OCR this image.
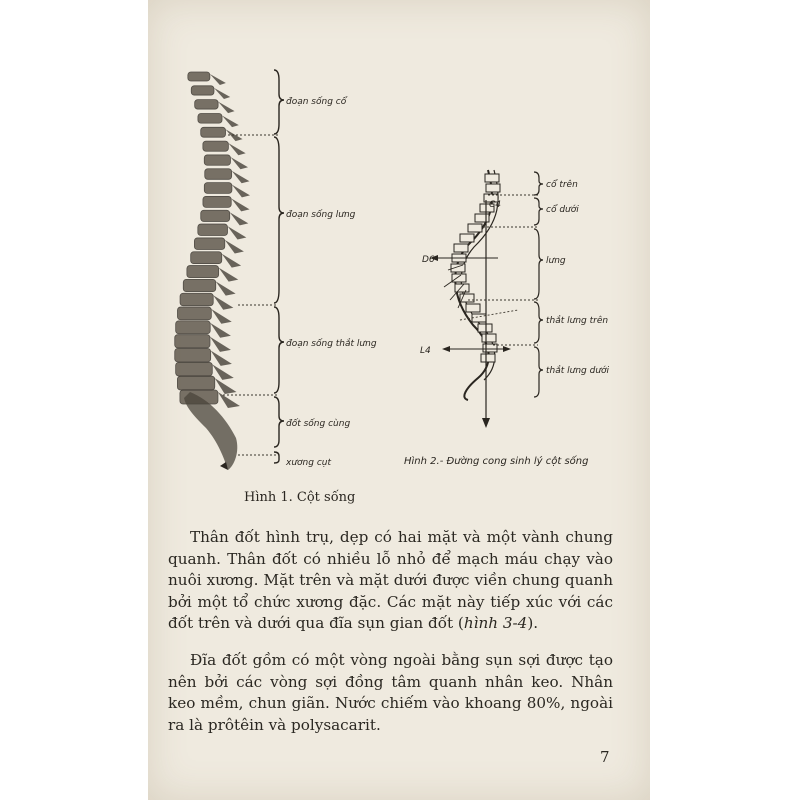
đoạn sống cổ
đoạn sống lưng
đoạn sống thắt lưng
đốt sống cùng
xương cụt
C4
D6
L4
cổ trên
cổ dưới
lưng
thắt lưng trên
thắt lưng dưới
Hình 2.- Đường cong sinh lý cột sống
Hình 1. Cột sống

Thân đốt hình trụ, dẹp có hai mặt và một vành chung quanh. Thân đốt có nhiều lỗ nhỏ để mạch máu chạy vào nuôi xương. Mặt trên và mặt dưới được viền chung quanh bởi một tổ chức xương đặc. Các mặt này tiếp xúc với các đốt trên và dưới qua đĩa sụn gian đốt (hình 3-4).

Đĩa đốt gồm có một vòng ngoài bằng sụn sợi được tạo nên bởi các vòng sợi đồng tâm quanh nhân keo. Nhân keo mềm, chun giãn. Nước chiếm vào khoang 80%, ngoài ra là prôtêin và polysacarit.

7
